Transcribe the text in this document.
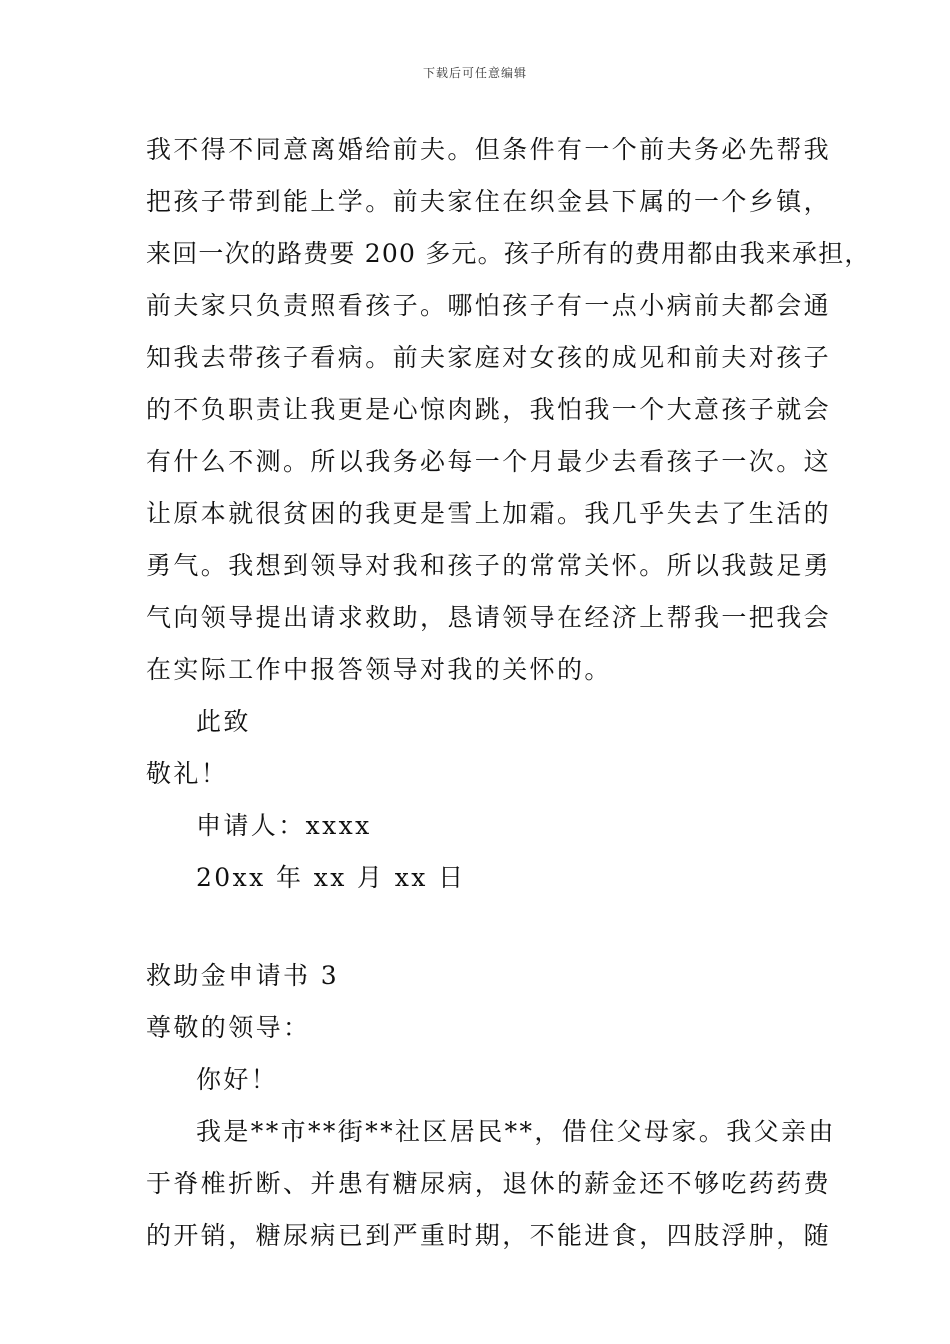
下载后可任意编辑
我不得不同意离婚给前夫。但条件有一个前夫务必先帮我
把孩子带到能上学。前夫家住在织金县下属的一个乡镇，
来回一次的路费要 200 多元。孩子所有的费用都由我来承担，
前夫家只负责照看孩子。哪怕孩子有一点小病前夫都会通
知我去带孩子看病。前夫家庭对女孩的成见和前夫对孩子
的不负职责让我更是心惊肉跳，我怕我一个大意孩子就会
有什么不测。所以我务必每一个月最少去看孩子一次。这
让原本就很贫困的我更是雪上加霜。我几乎失去了生活的
勇气。我想到领导对我和孩子的常常关怀。所以我鼓足勇
气向领导提出请求救助，恳请领导在经济上帮我一把我会
在实际工作中报答领导对我的关怀的。
此致
敬礼！
申请人：xxxx
20xx 年 xx 月 xx 日
救助金申请书 3
尊敬的领导：
你好！
我是**市**街**社区居民**，借住父母家。我父亲由
于脊椎折断、并患有糖尿病，退休的薪金还不够吃药药费
的开销，糖尿病已到严重时期，不能进食，四肢浮肿，随
